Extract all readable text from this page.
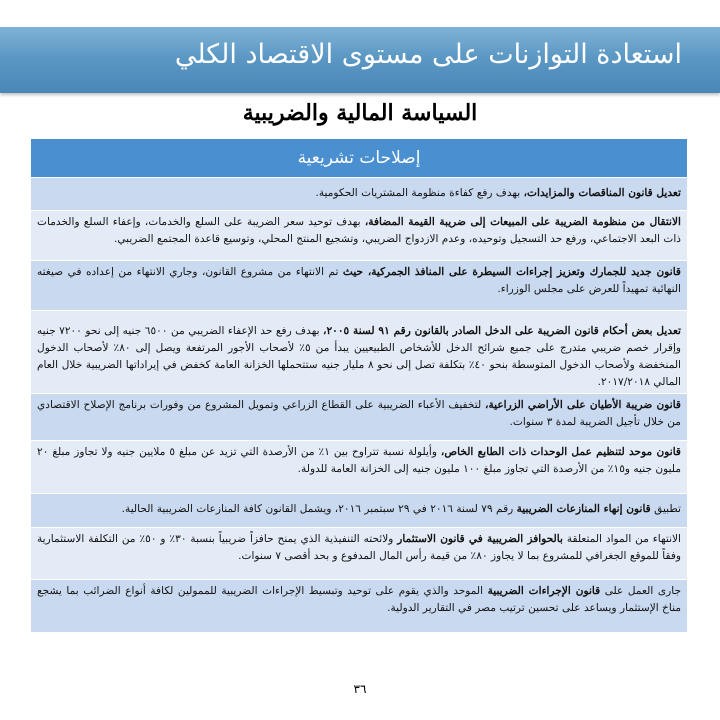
استعادة التوازنات على مستوى الاقتصاد الكلي
السياسة المالية والضريبية
إصلاحات تشريعية
تعديل قانون المناقصات والمزايدات، بهدف رفع كفاءة منظومة المشتريات الحكومية.
الانتقال من منظومة الضريبة على المبيعات إلى ضريبة القيمة المضافة، بهدف توحيد سعر الضريبة على السلع والخدمات، وإعفاء السلع والخدمات ذات البعد الاجتماعي، ورفع حد التسجيل وتوحيده، وعدم الازدواج الضريبي، وتشجيع المنتج المحلي، وتوسيع قاعدة المجتمع الضريبي.
قانون جديد للجمارك وتعزيز إجراءات السيطرة على المنافذ الجمركية، حيث تم الانتهاء من مشروع القانون، وجاري الانتهاء من إعداده في صيغته النهائية تمهيداً للعرض على مجلس الوزراء.
تعديل بعض أحكام قانون الضريبة على الدخل الصادر بالقانون رقم ٩١ لسنة ٢٠٠٥، بهدف رفع حد الإعفاء الضريبي من ٦٥٠٠ جنيه إلى نحو ٧٢٠٠ جنيه وإقرار خصم ضريبي متدرج على جميع شرائح الدخل للأشخاص الطبيعيين يبدأ من ٥٪ لأصحاب الأجور المرتفعة ويصل إلى ٨٠٪ لأصحاب الدخول المنخفضة ولأصحاب الدخول المتوسطة بنحو ٤٠٪ بتكلفة تصل إلى نحو ٨ مليار جنيه ستتحملها الخزانة العامة كخفض في إيراداتها الضريبية خلال العام المالي ٢٠١٧/٢٠١٨.
قانون ضريبة الأطيان على الأراضي الزراعية، لتخفيف الأعباء الضريبية على القطاع الزراعي وتمويل المشروع من وفورات برنامج الإصلاح الاقتصادي من خلال تأجيل الضريبة لمدة ٣ سنوات.
قانون موحد لتنظيم عمل الوحدات ذات الطابع الخاص، وأيلولة نسبة تتراوح بين ١٪ من الأرصدة التي تزيد عن مبلغ ٥ ملايين جنيه ولا تجاوز مبلغ ٢٠ مليون جنيه و١٥٪ من الأرصدة التي تجاوز مبلغ ١٠٠ مليون جنيه إلى الخزانة العامة للدولة.
تطبيق قانون إنهاء المنازعات الضريبية رقم ٧٩ لسنة ٢٠١٦ في ٢٩ سبتمبر ٢٠١٦، ويشمل القانون كافة المنازعات الضريبية الحالية.
الانتهاء من المواد المتعلقة بالحوافز الضريبية في قانون الاستثمار ولائحته التنفيذية الذي يمنح حافزاً ضريبياً بنسبة ٣٠٪ و ٥٠٪ من التكلفة الاستثمارية وفقاً للموقع الجغرافي للمشروع بما لا يجاوز ٨٠٪ من قيمة رأس المال المدفوع و بحد أقصى ٧ سنوات.
جارى العمل على قانون الإجراءات الضريبية الموحد والذي يقوم على توحيد وتبسيط الإجراءات الضريبية للممولين لكافة أنواع الضرائب بما يشجع مناخ الإستثمار ويساعد على تحسين ترتيب مصر في التقارير الدولية.
٣٦
